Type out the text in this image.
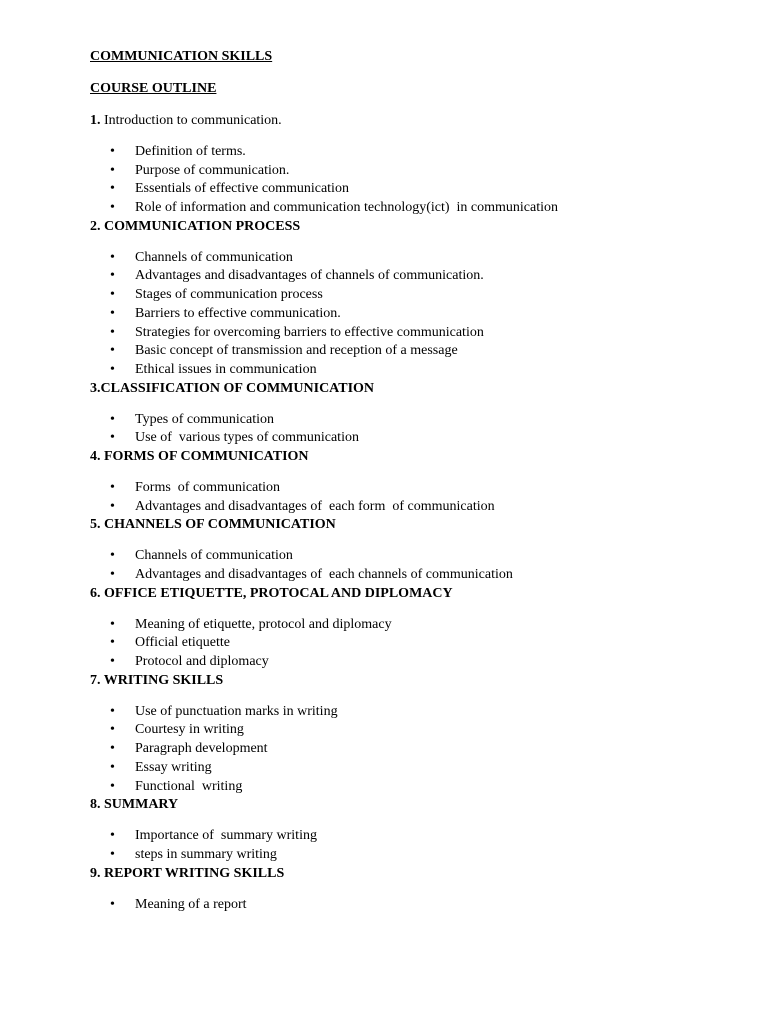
COMMUNICATION SKILLS

COURSE OUTLINE

1. Introduction to communication.

• Definition of terms.
• Purpose of communication.
• Essentials of effective communication
• Role of information and communication technology(ict)  in communication

2. COMMUNICATION PROCESS

• Channels of communication
• Advantages and disadvantages of channels of communication.
• Stages of communication process
• Barriers to effective communication.
• Strategies for overcoming barriers to effective communication
• Basic concept of transmission and reception of a message
• Ethical issues in communication

3.CLASSIFICATION OF COMMUNICATION

• Types of communication
• Use of  various types of communication

4. FORMS OF COMMUNICATION

• Forms  of communication
• Advantages and disadvantages of  each form  of communication

5. CHANNELS OF COMMUNICATION

• Channels of communication
• Advantages and disadvantages of  each channels of communication

6. OFFICE ETIQUETTE, PROTOCAL AND DIPLOMACY

• Meaning of etiquette, protocol and diplomacy
• Official etiquette
• Protocol and diplomacy

7. WRITING SKILLS

• Use of punctuation marks in writing
• Courtesy in writing
• Paragraph development
• Essay writing
• Functional  writing

8. SUMMARY

• Importance of  summary writing
• steps in summary writing

9. REPORT WRITING SKILLS

• Meaning of a report
